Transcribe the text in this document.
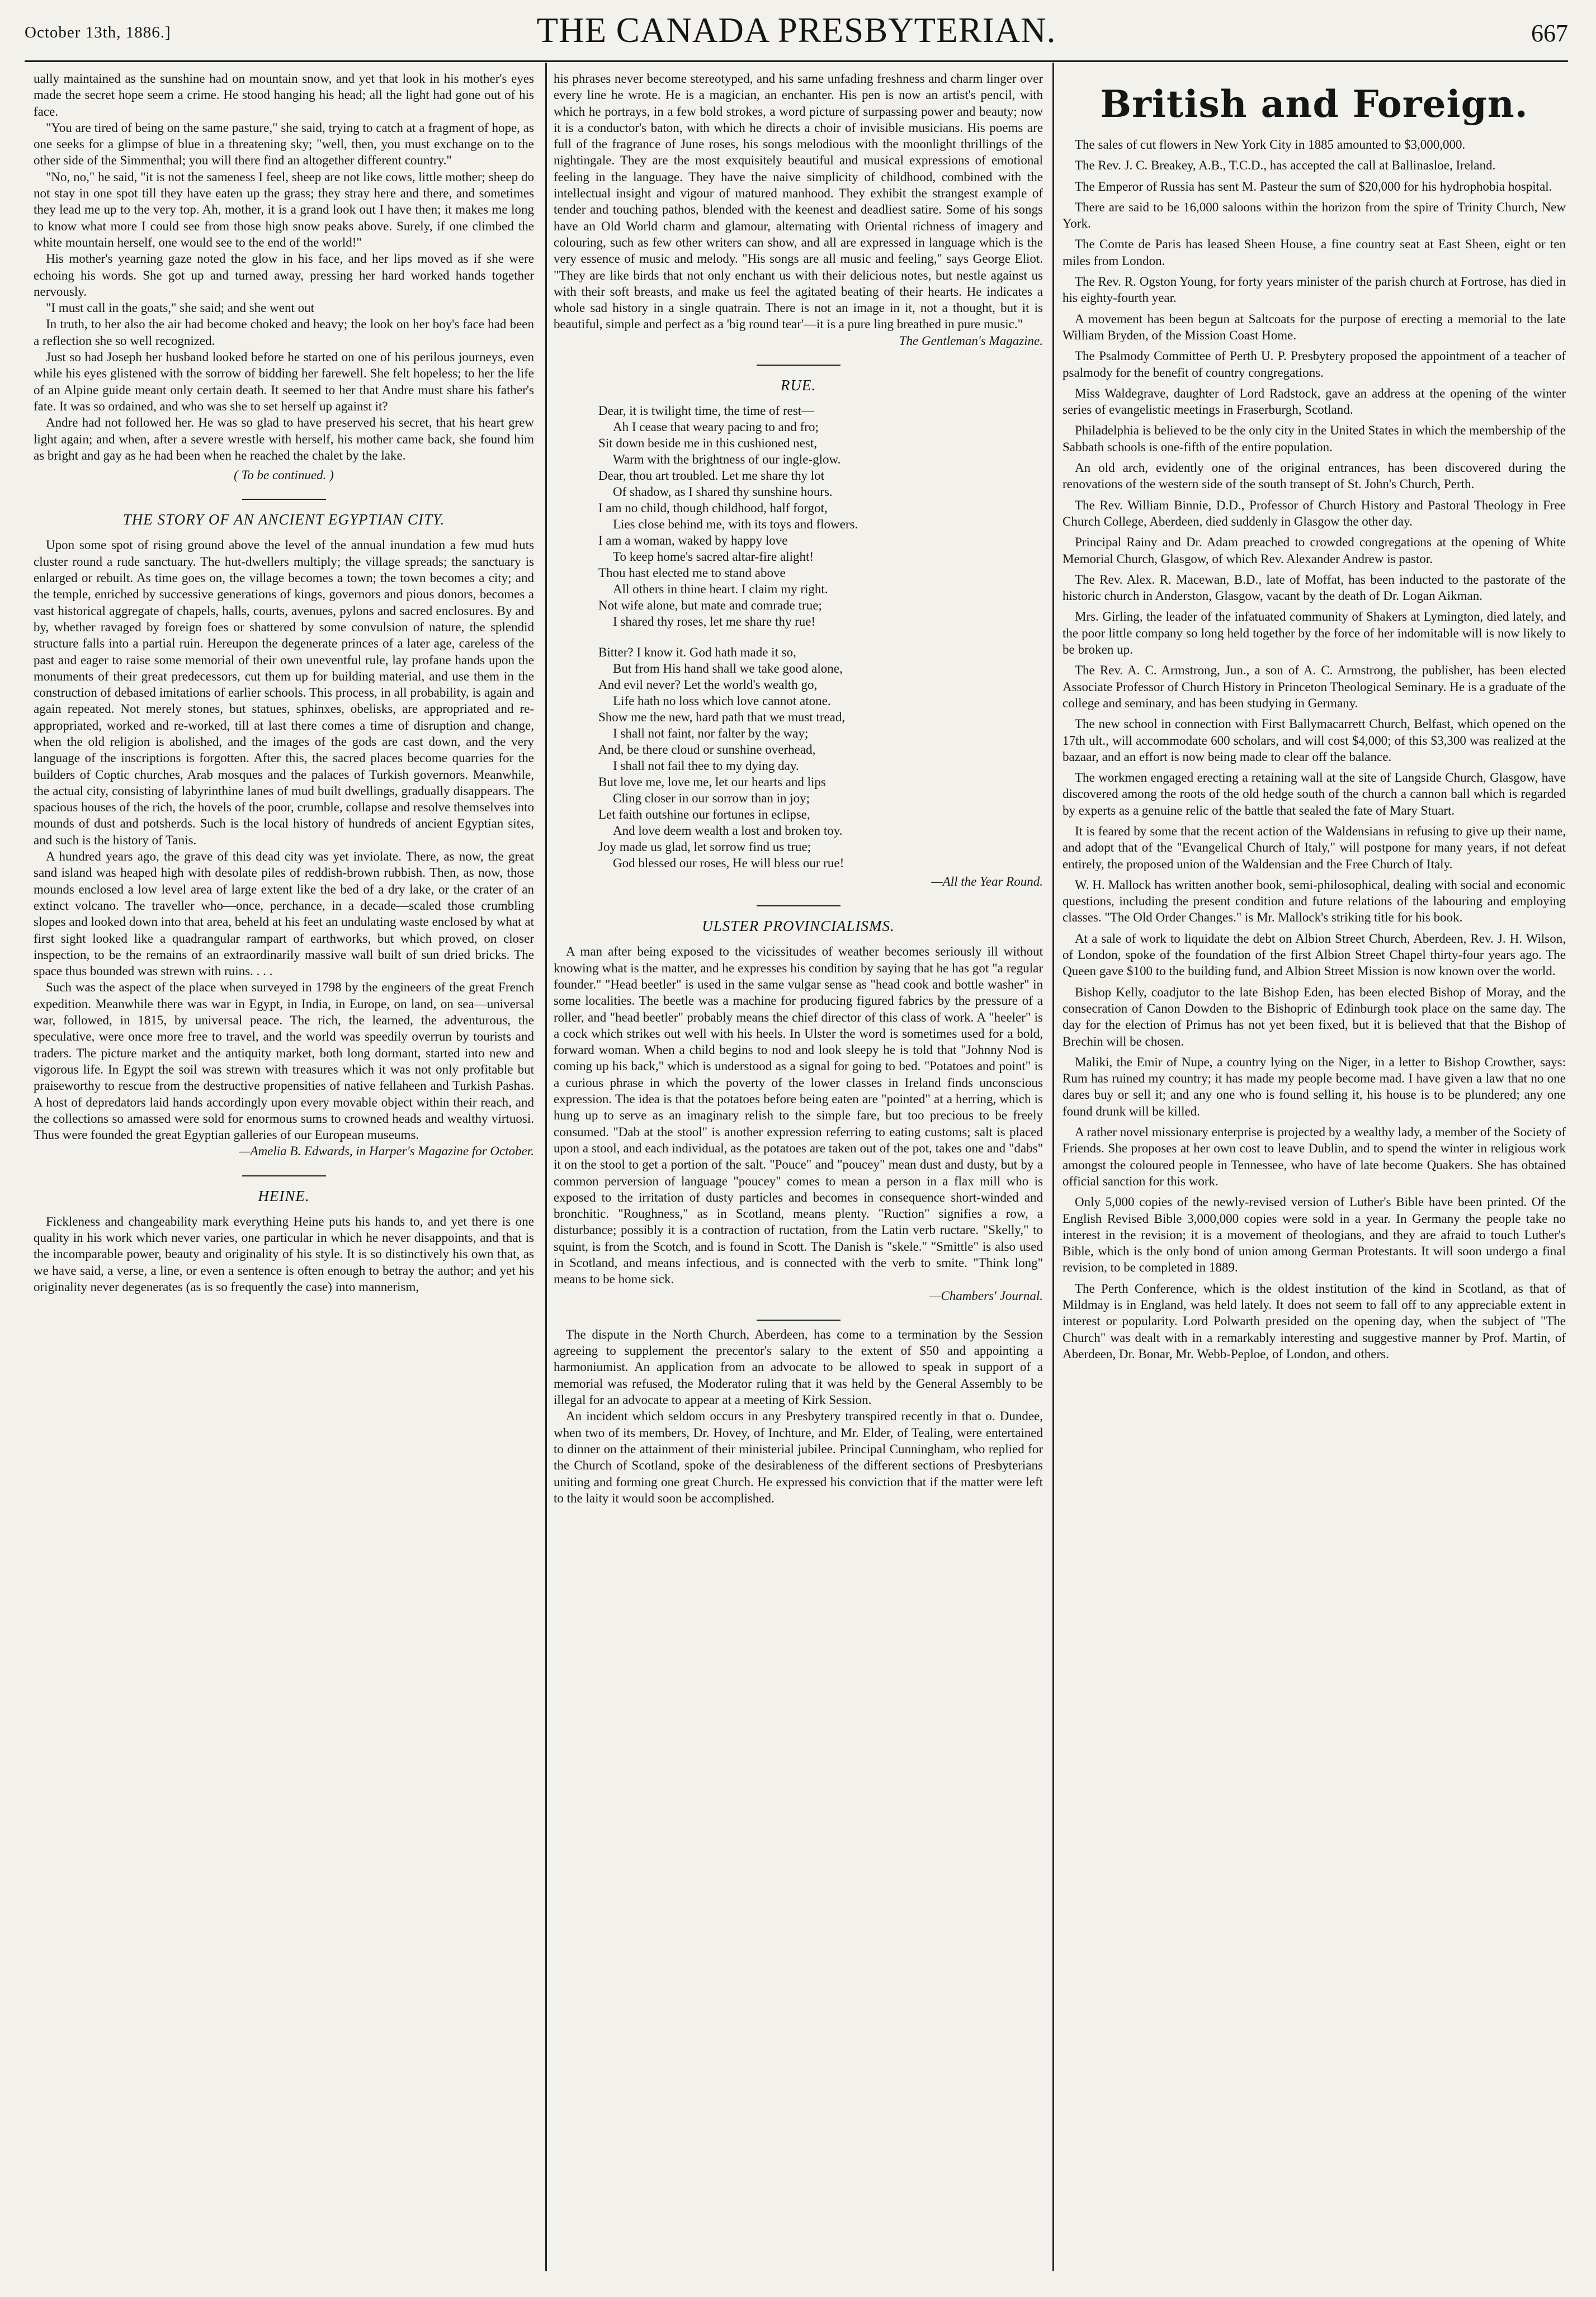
October 13th, 1886.]	THE CANADA PRESBYTERIAN.	667

ually maintained as the sunshine had on mountain snow, and yet that look in his mother's eyes made the secret hope seem a crime. He stood hanging his head; all the light had gone out of his face.

"You are tired of being on the same pasture," she said, trying to catch at a fragment of hope, as one seeks for a glimpse of blue in a threatening sky; "well, then, you must exchange on to the other side of the Simmenthal; you will there find an altogether different country."

"No, no," he said, "it is not the sameness I feel, sheep are not like cows, little mother; sheep do not stay in one spot till they have eaten up the grass; they stray here and there, and sometimes they lead me up to the very top. Ah, mother, it is a grand look out I have then; it makes me long to know what more I could see from those high snow peaks above. Surely, if one climbed the white mountain herself, one would see to the end of the world!"

His mother's yearning gaze noted the glow in his face, and her lips moved as if she were echoing his words. She got up and turned away, pressing her hard worked hands together nervously.

"I must call in the goats," she said; and she went out

In truth, to her also the air had become choked and heavy; the look on her boy's face had been a reflection she so well recognized.

Just so had Joseph her husband looked before he started on one of his perilous journeys, even while his eyes glistened with the sorrow of bidding her farewell. She felt hopeless; to her the life of an Alpine guide meant only certain death. It seemed to her that Andre must share his father's fate. It was so ordained, and who was she to set herself up against it?

Andre had not followed her. He was so glad to have preserved his secret, that his heart grew light again; and when, after a severe wrestle with herself, his mother came back, she found him as bright and gay as he had been when he reached the chalet by the lake.

( To be continued. )

THE STORY OF AN ANCIENT EGYPTIAN CITY.

Upon some spot of rising ground above the level of the annual inundation a few mud huts cluster round a rude sanctuary. The hut-dwellers multiply; the village spreads; the sanctuary is enlarged or rebuilt. As time goes on, the village becomes a town; the town becomes a city; and the temple, enriched by successive generations of kings, governors and pious donors, becomes a vast historical aggregate of chapels, halls, courts, avenues, pylons and sacred enclosures. By and by, whether ravaged by foreign foes or shattered by some convulsion of nature, the splendid structure falls into a partial ruin. Hereupon the degenerate princes of a later age, careless of the past and eager to raise some memorial of their own uneventful rule, lay profane hands upon the monuments of their great predecessors, cut them up for building material, and use them in the construction of debased imitations of earlier schools. This process, in all probability, is again and again repeated. Not merely stones, but statues, sphinxes, obelisks, are appropriated and re-appropriated, worked and re-worked, till at last there comes a time of disruption and change, when the old religion is abolished, and the images of the gods are cast down, and the very language of the inscriptions is forgotten. After this, the sacred places become quarries for the builders of Coptic churches, Arab mosques and the palaces of Turkish governors. Meanwhile, the actual city, consisting of labyrinthine lanes of mud built dwellings, gradually disappears. The spacious houses of the rich, the hovels of the poor, crumble, collapse and resolve themselves into mounds of dust and potsherds. Such is the local history of hundreds of ancient Egyptian sites, and such is the history of Tanis.

A hundred years ago, the grave of this dead city was yet inviolate. There, as now, the great sand island was heaped high with desolate piles of reddish-brown rubbish. Then, as now, those mounds enclosed a low level area of large extent like the bed of a dry lake, or the crater of an extinct volcano. The traveller who—once, perchance, in a decade—scaled those crumbling slopes and looked down into that area, beheld at his feet an undulating waste enclosed by what at first sight looked like a quadrangular rampart of earthworks, but which proved, on closer inspection, to be the remains of an extraordinarily massive wall built of sun dried bricks. The space thus bounded was strewn with ruins. . . .

Such was the aspect of the place when surveyed in 1798 by the engineers of the great French expedition. Meanwhile there was war in Egypt, in India, in Europe, on land, on sea—universal war, followed, in 1815, by universal peace. The rich, the learned, the adventurous, the speculative, were once more free to travel, and the world was speedily overrun by tourists and traders. The picture market and the antiquity market, both long dormant, started into new and vigorous life. In Egypt the soil was strewn with treasures which it was not only profitable but praiseworthy to rescue from the destructive propensities of native fellaheen and Turkish Pashas. A host of depredators laid hands accordingly upon every movable object within their reach, and the collections so amassed were sold for enormous sums to crowned heads and wealthy virtuosi. Thus were founded the great Egyptian galleries of our European museums.

—Amelia B. Edwards, in Harper's Magazine for October.

HEINE.

Fickleness and changeability mark everything Heine puts his hands to, and yet there is one quality in his work which never varies, one particular in which he never disappoints, and that is the incomparable power, beauty and originality of his style. It is so distinctively his own that, as we have said, a verse, a line, or even a sentence is often enough to betray the author; and yet his originality never degenerates (as is so frequently the case) into mannerism,

his phrases never become stereotyped, and his same unfading freshness and charm linger over every line he wrote. He is a magician, an enchanter. His pen is now an artist's pencil, with which he portrays, in a few bold strokes, a word picture of surpassing power and beauty; now it is a conductor's baton, with which he directs a choir of invisible musicians. His poems are full of the fragrance of June roses, his songs melodious with the moonlight thrillings of the nightingale. They are the most exquisitely beautiful and musical expressions of emotional feeling in the language. They have the naive simplicity of childhood, combined with the intellectual insight and vigour of matured manhood. They exhibit the strangest example of tender and touching pathos, blended with the keenest and deadliest satire. Some of his songs have an Old World charm and glamour, alternating with Oriental richness of imagery and colouring, such as few other writers can show, and all are expressed in language which is the very essence of music and melody. "His songs are all music and feeling," says George Eliot. "They are like birds that not only enchant us with their delicious notes, but nestle against us with their soft breasts, and make us feel the agitated beating of their hearts. He indicates a whole sad history in a single quatrain. There is not an image in it, not a thought, but it is beautiful, simple and perfect as a 'big round tear'—it is a pure ling breathed in pure music."

The Gentleman's Magazine.

RUE.
Dear, it is twilight time, the time of rest—
Ah I cease that weary pacing to and fro;
Sit down beside me in this cushioned nest,
Warm with the brightness of our ingle-glow.
Dear, thou art troubled. Let me share thy lot
Of shadow, as I shared thy sunshine hours.
I am no child, though childhood, half forgot,
Lies close behind me, with its toys and flowers.
I am a woman, waked by happy love
To keep home's sacred altar-fire alight!
Thou hast elected me to stand above
All others in thine heart. I claim my right.
Not wife alone, but mate and comrade true;
I shared thy roses, let me share thy rue!
Bitter? I know it. God hath made it so,
But from His hand shall we take good alone,
And evil never? Let the world's wealth go,
Life hath no loss which love cannot atone.
Show me the new, hard path that we must tread,
I shall not faint, nor falter by the way;
And, be there cloud or sunshine overhead,
I shall not fail thee to my dying day.
But love me, love me, let our hearts and lips
Cling closer in our sorrow than in joy;
Let faith outshine our fortunes in eclipse,
And love deem wealth a lost and broken toy.
Joy made us glad, let sorrow find us true;
God blessed our roses, He will bless our rue!

—All the Year Round.

ULSTER PROVINCIALISMS.

A man after being exposed to the vicissitudes of weather becomes seriously ill without knowing what is the matter, and he expresses his condition by saying that he has got "a regular founder." "Head beetler" is used in the same vulgar sense as "head cook and bottle washer" in some localities. The beetle was a machine for producing figured fabrics by the pressure of a roller, and "head beetler" probably means the chief director of this class of work. A "heeler" is a cock which strikes out well with his heels. In Ulster the word is sometimes used for a bold, forward woman. When a child begins to nod and look sleepy he is told that "Johnny Nod is coming up his back," which is understood as a signal for going to bed. "Potatoes and point" is a curious phrase in which the poverty of the lower classes in Ireland finds unconscious expression. The idea is that the potatoes before being eaten are "pointed" at a herring, which is hung up to serve as an imaginary relish to the simple fare, but too precious to be freely consumed. "Dab at the stool" is another expression referring to eating customs; salt is placed upon a stool, and each individual, as the potatoes are taken out of the pot, takes one and "dabs" it on the stool to get a portion of the salt. "Pouce" and "poucey" mean dust and dusty, but by a common perversion of language "poucey" comes to mean a person in a flax mill who is exposed to the irritation of dusty particles and becomes in consequence short-winded and bronchitic. "Roughness," as in Scotland, means plenty. "Ruction" signifies a row, a disturbance; possibly it is a contraction of ructation, from the Latin verb ructare. "Skelly," to squint, is from the Scotch, and is found in Scott. The Danish is "skele." "Smittle" is also used in Scotland, and means infectious, and is connected with the verb to smite. "Think long" means to be home sick.

—Chambers' Journal.

The dispute in the North Church, Aberdeen, has come to a termination by the Session agreeing to supplement the precentor's salary to the extent of $50 and appointing a harmoniumist. An application from an advocate to be allowed to speak in support of a memorial was refused, the Moderator ruling that it was held by the General Assembly to be illegal for an advocate to appear at a meeting of Kirk Session.

An incident which seldom occurs in any Presbytery transpired recently in that o. Dundee, when two of its members, Dr. Hovey, of Inchture, and Mr. Elder, of Tealing, were entertained to dinner on the attainment of their ministerial jubilee. Principal Cunningham, who replied for the Church of Scotland, spoke of the desirableness of the different sections of Presbyterians uniting and forming one great Church. He expressed his conviction that if the matter were left to the laity it would soon be accomplished.

British and Foreign.

The sales of cut flowers in New York City in 1885 amounted to $3,000,000.

The Rev. J. C. Breakey, A.B., T.C.D., has accepted the call at Ballinasloe, Ireland.

The Emperor of Russia has sent M. Pasteur the sum of $20,000 for his hydrophobia hospital.

There are said to be 16,000 saloons within the horizon from the spire of Trinity Church, New York.

The Comte de Paris has leased Sheen House, a fine country seat at East Sheen, eight or ten miles from London.

The Rev. R. Ogston Young, for forty years minister of the parish church at Fortrose, has died in his eighty-fourth year.

A movement has been begun at Saltcoats for the purpose of erecting a memorial to the late William Bryden, of the Mission Coast Home.

The Psalmody Committee of Perth U. P. Presbytery proposed the appointment of a teacher of psalmody for the benefit of country congregations.

Miss Waldegrave, daughter of Lord Radstock, gave an address at the opening of the winter series of evangelistic meetings in Fraserburgh, Scotland.

Philadelphia is believed to be the only city in the United States in which the membership of the Sabbath schools is one-fifth of the entire population.

An old arch, evidently one of the original entrances, has been discovered during the renovations of the western side of the south transept of St. John's Church, Perth.

The Rev. William Binnie, D.D., Professor of Church History and Pastoral Theology in Free Church College, Aberdeen, died suddenly in Glasgow the other day.

Principal Rainy and Dr. Adam preached to crowded congregations at the opening of White Memorial Church, Glasgow, of which Rev. Alexander Andrew is pastor.

The Rev. Alex. R. Macewan, B.D., late of Moffat, has been inducted to the pastorate of the historic church in Anderston, Glasgow, vacant by the death of Dr. Logan Aikman.

Mrs. Girling, the leader of the infatuated community of Shakers at Lymington, died lately, and the poor little company so long held together by the force of her indomitable will is now likely to be broken up.

The Rev. A. C. Armstrong, Jun., a son of A. C. Armstrong, the publisher, has been elected Associate Professor of Church History in Princeton Theological Seminary. He is a graduate of the college and seminary, and has been studying in Germany.

The new school in connection with First Ballymacarrett Church, Belfast, which opened on the 17th ult., will accommodate 600 scholars, and will cost $4,000; of this $3,300 was realized at the bazaar, and an effort is now being made to clear off the balance.

The workmen engaged erecting a retaining wall at the site of Langside Church, Glasgow, have discovered among the roots of the old hedge south of the church a cannon ball which is regarded by experts as a genuine relic of the battle that sealed the fate of Mary Stuart.

It is feared by some that the recent action of the Waldensians in refusing to give up their name, and adopt that of the "Evangelical Church of Italy," will postpone for many years, if not defeat entirely, the proposed union of the Waldensian and the Free Church of Italy.

W. H. Mallock has written another book, semi-philosophical, dealing with social and economic questions, including the present condition and future relations of the labouring and employing classes. "The Old Order Changes." is Mr. Mallock's striking title for his book.

At a sale of work to liquidate the debt on Albion Street Church, Aberdeen, Rev. J. H. Wilson, of London, spoke of the foundation of the first Albion Street Chapel thirty-four years ago. The Queen gave $100 to the building fund, and Albion Street Mission is now known over the world.

Bishop Kelly, coadjutor to the late Bishop Eden, has been elected Bishop of Moray, and the consecration of Canon Dowden to the Bishopric of Edinburgh took place on the same day. The day for the election of Primus has not yet been fixed, but it is believed that that the Bishop of Brechin will be chosen.

Maliki, the Emir of Nupe, a country lying on the Niger, in a letter to Bishop Crowther, says: Rum has ruined my country; it has made my people become mad. I have given a law that no one dares buy or sell it; and any one who is found selling it, his house is to be plundered; any one found drunk will be killed.

A rather novel missionary enterprise is projected by a wealthy lady, a member of the Society of Friends. She proposes at her own cost to leave Dublin, and to spend the winter in religious work amongst the coloured people in Tennessee, who have of late become Quakers. She has obtained official sanction for this work.

Only 5,000 copies of the newly-revised version of Luther's Bible have been printed. Of the English Revised Bible 3,000,000 copies were sold in a year. In Germany the people take no interest in the revision; it is a movement of theologians, and they are afraid to touch Luther's Bible, which is the only bond of union among German Protestants. It will soon undergo a final revision, to be completed in 1889.

The Perth Conference, which is the oldest institution of the kind in Scotland, as that of Mildmay is in England, was held lately. It does not seem to fall off to any appreciable extent in interest or popularity. Lord Polwarth presided on the opening day, when the subject of "The Church" was dealt with in a remarkably interesting and suggestive manner by Prof. Martin, of Aberdeen, Dr. Bonar, Mr. Webb-Peploe, of London, and others.
